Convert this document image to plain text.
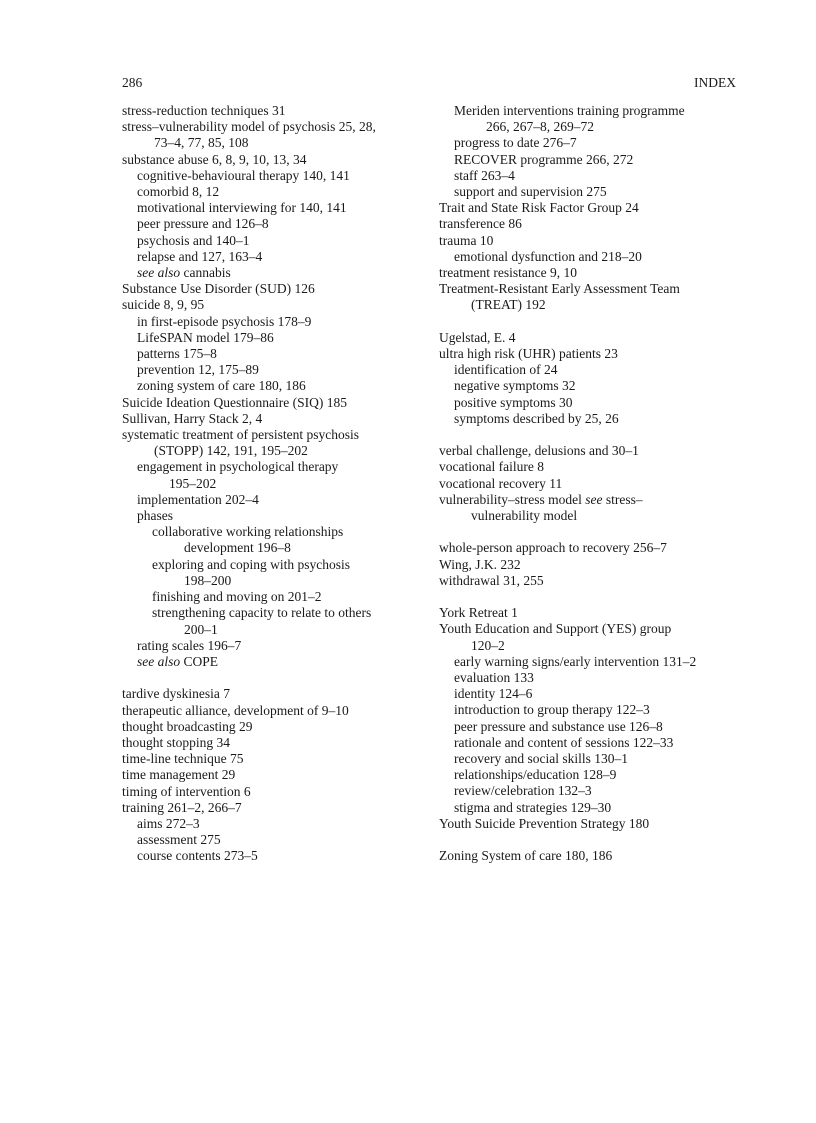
286	INDEX
stress-reduction techniques 31
stress–vulnerability model of psychosis 25, 28,
73–4, 77, 85, 108
substance abuse 6, 8, 9, 10, 13, 34
cognitive-behavioural therapy 140, 141
comorbid 8, 12
motivational interviewing for 140, 141
peer pressure and 126–8
psychosis and 140–1
relapse and 127, 163–4
see also cannabis
Substance Use Disorder (SUD) 126
suicide 8, 9, 95
in first-episode psychosis 178–9
LifeSPAN model 179–86
patterns 175–8
prevention 12, 175–89
zoning system of care 180, 186
Suicide Ideation Questionnaire (SIQ) 185
Sullivan, Harry Stack 2, 4
systematic treatment of persistent psychosis
(STOPP) 142, 191, 195–202
engagement in psychological therapy
195–202
implementation 202–4
phases
collaborative working relationships
development 196–8
exploring and coping with psychosis
198–200
finishing and moving on 201–2
strengthening capacity to relate to others
200–1
rating scales 196–7
see also COPE
tardive dyskinesia 7
therapeutic alliance, development of 9–10
thought broadcasting 29
thought stopping 34
time-line technique 75
time management 29
timing of intervention 6
training 261–2, 266–7
aims 272–3
assessment 275
course contents 273–5
Meriden interventions training programme
266, 267–8, 269–72
progress to date 276–7
RECOVER programme 266, 272
staff 263–4
support and supervision 275
Trait and State Risk Factor Group 24
transference 86
trauma 10
emotional dysfunction and 218–20
treatment resistance 9, 10
Treatment-Resistant Early Assessment Team
(TREAT) 192
Ugelstad, E. 4
ultra high risk (UHR) patients 23
identification of 24
negative symptoms 32
positive symptoms 30
symptoms described by 25, 26
verbal challenge, delusions and 30–1
vocational failure 8
vocational recovery 11
vulnerability–stress model see stress–
vulnerability model
whole-person approach to recovery 256–7
Wing, J.K. 232
withdrawal 31, 255
York Retreat 1
Youth Education and Support (YES) group
120–2
early warning signs/early intervention 131–2
evaluation 133
identity 124–6
introduction to group therapy 122–3
peer pressure and substance use 126–8
rationale and content of sessions 122–33
recovery and social skills 130–1
relationships/education 128–9
review/celebration 132–3
stigma and strategies 129–30
Youth Suicide Prevention Strategy 180
Zoning System of care 180, 186
